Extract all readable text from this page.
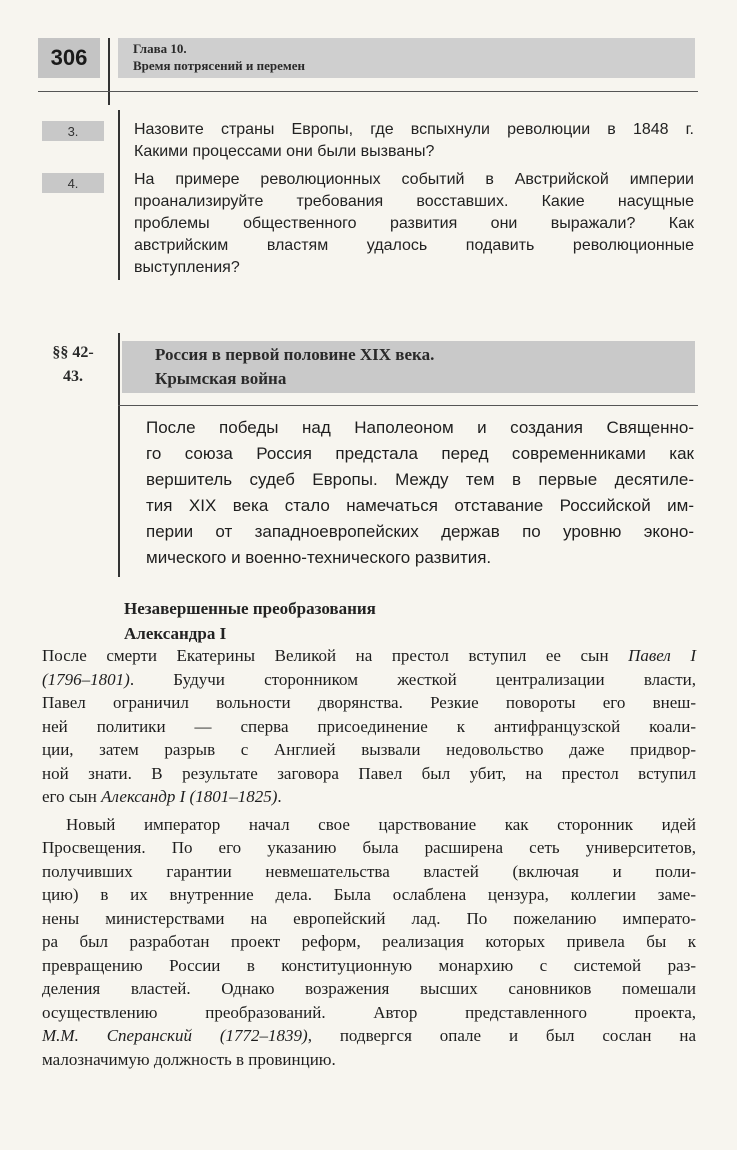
306	Глава 10.
Время потрясений и перемен
3.	Назовите страны Европы, где вспыхнули революции в 1848 г.
Какими процессами они были вызваны?
4.	На примере революционных событий в Австрийской империи
проанализируйте требования восставших. Какие насущные
проблемы общественного развития они выражали? Как
австрийским властям удалось подавить революционные
выступления?
§§ 42-
43.
Россия в первой половине XIX века.
Крымская война
После победы над Наполеоном и создания Священно-
го союза Россия предстала перед современниками как
вершитель судеб Европы. Между тем в первые десятиле-
тия XIX века стало намечаться отставание Российской им-
перии от западноевропейских держав по уровню эконо-
мического и военно-технического развития.
Незавершенные преобразования
Александра I
После смерти Екатерины Великой на престол вступил ее сын Павел I
(1796–1801). Будучи сторонником жесткой централизации власти,
Павел ограничил вольности дворянства. Резкие повороты его внеш-
ней политики — сперва присоединение к антифранцузской коали-
ции, затем разрыв с Англией вызвали недовольство даже придвор-
ной знати. В результате заговора Павел был убит, на престол вступил
его сын Александр I (1801–1825).
Новый император начал свое царствование как сторонник идей
Просвещения. По его указанию была расширена сеть университетов,
получивших гарантии невмешательства властей (включая и поли-
цию) в их внутренние дела. Была ослаблена цензура, коллегии заме-
нены министерствами на европейский лад. По пожеланию императо-
ра был разработан проект реформ, реализация которых привела бы к
превращению России в конституционную монархию с системой раз-
деления властей. Однако возражения высших сановников помешали
осуществлению преобразований. Автор представленного проекта,
М.М. Сперанский (1772–1839), подвергся опале и был сослан на
малозначимую должность в провинцию.
